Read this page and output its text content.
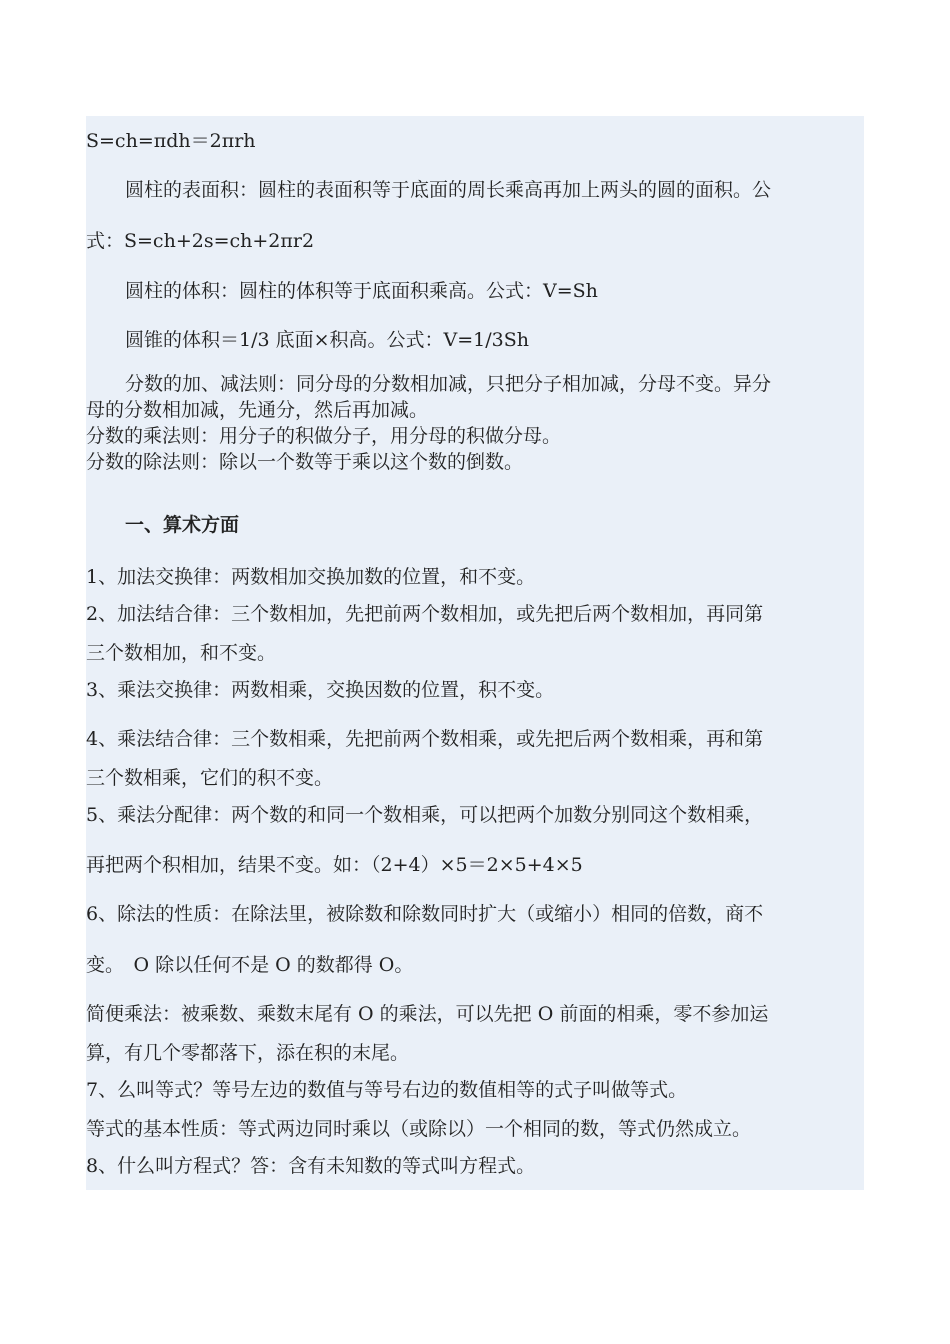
S=ch=πdh＝2πrh
圆柱的表面积：圆柱的表面积等于底面的周长乘高再加上两头的圆的面积。公
式：S=ch+2s=ch+2πr2
圆柱的体积：圆柱的体积等于底面积乘高。公式：V=Sh
圆锥的体积＝1/3 底面×积高。公式：V=1/3Sh
分数的加、减法则：同分母的分数相加减，只把分子相加减，分母不变。异分
母的分数相加减，先通分，然后再加减。
分数的乘法则：用分子的积做分子，用分母的积做分母。
分数的除法则：除以一个数等于乘以这个数的倒数。
一、算术方面
1、加法交换律：两数相加交换加数的位置，和不变。
2、加法结合律：三个数相加，先把前两个数相加，或先把后两个数相加，再同第
三个数相加，和不变。
3、乘法交换律：两数相乘，交换因数的位置，积不变。
4、乘法结合律：三个数相乘，先把前两个数相乘，或先把后两个数相乘，再和第
三个数相乘，它们的积不变。
5、乘法分配律：两个数的和同一个数相乘，可以把两个加数分别同这个数相乘，
再把两个积相加，结果不变。如：（2+4）×5＝2×5+4×5
6、除法的性质：在除法里，被除数和除数同时扩大（或缩小）相同的倍数，商不
变。　O 除以任何不是 O 的数都得 O。
简便乘法：被乘数、乘数末尾有 O 的乘法，可以先把 O 前面的相乘，零不参加运
算，有几个零都落下，添在积的末尾。
7、么叫等式？等号左边的数值与等号右边的数值相等的式子叫做等式。
等式的基本性质：等式两边同时乘以（或除以）一个相同的数，等式仍然成立。
8、什么叫方程式？答：含有未知数的等式叫方程式。
